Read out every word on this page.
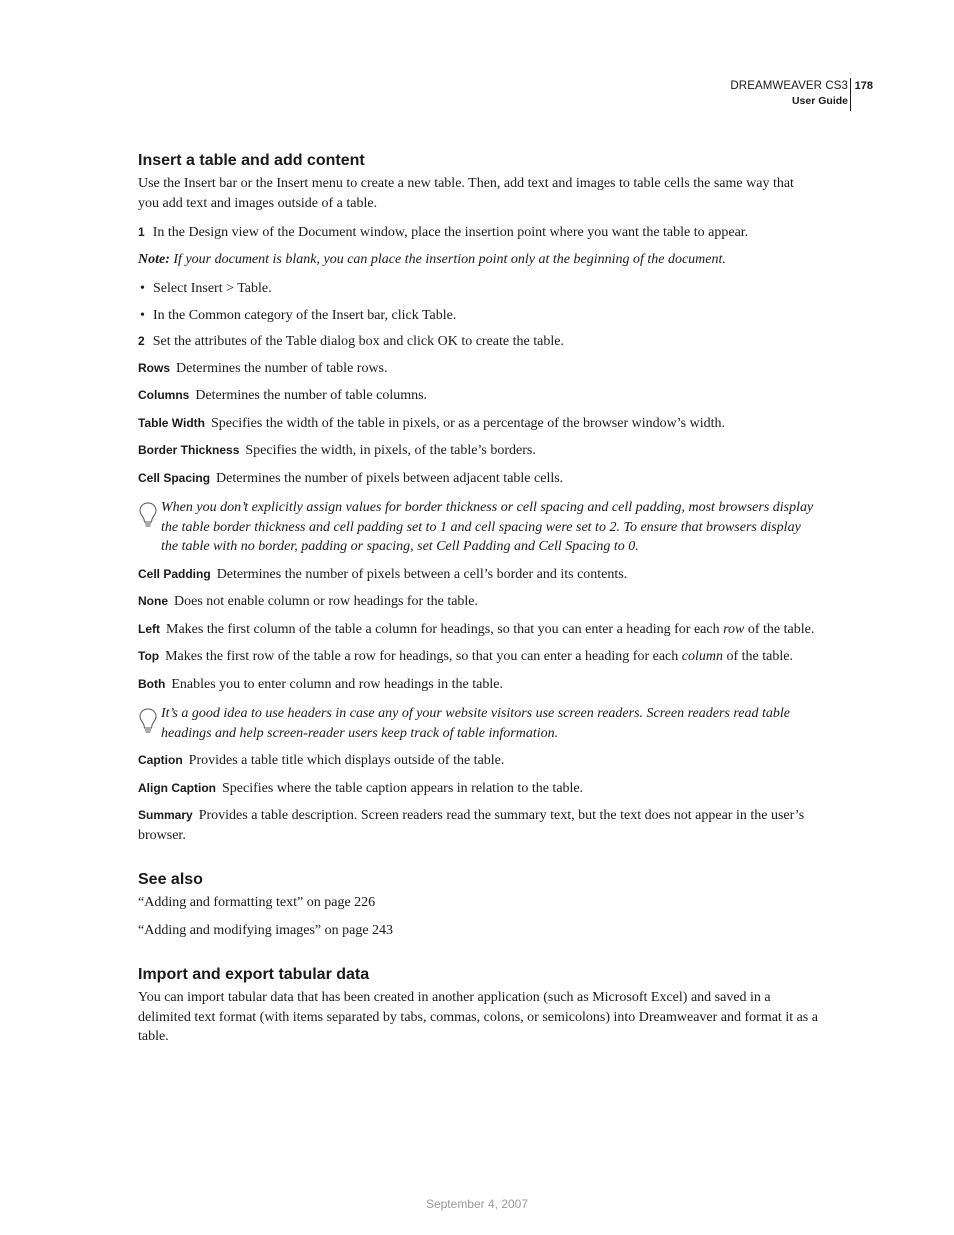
DREAMWEAVER CS3
User Guide
178
Insert a table and add content

Use the Insert bar or the Insert menu to create a new table. Then, add text and images to table cells the same way that you add text and images outside of a table.

1 In the Design view of the Document window, place the insertion point where you want the table to appear.

Note: If your document is blank, you can place the insertion point only at the beginning of the document.

• Select Insert > Table.

• In the Common category of the Insert bar, click Table.

2 Set the attributes of the Table dialog box and click OK to create the table.

Rows Determines the number of table rows.

Columns Determines the number of table columns.

Table Width Specifies the width of the table in pixels, or as a percentage of the browser window’s width.

Border Thickness Specifies the width, in pixels, of the table’s borders.

Cell Spacing Determines the number of pixels between adjacent table cells.

When you don’t explicitly assign values for border thickness or cell spacing and cell padding, most browsers display the table border thickness and cell padding set to 1 and cell spacing were set to 2. To ensure that browsers display the table with no border, padding or spacing, set Cell Padding and Cell Spacing to 0.

Cell Padding Determines the number of pixels between a cell’s border and its contents.

None Does not enable column or row headings for the table.

Left Makes the first column of the table a column for headings, so that you can enter a heading for each row of the table.

Top Makes the first row of the table a row for headings, so that you can enter a heading for each column of the table.

Both Enables you to enter column and row headings in the table.

It’s a good idea to use headers in case any of your website visitors use screen readers. Screen readers read table

headings and help screen-reader users keep track of table information.

Caption Provides a table title which displays outside of the table.

Align Caption Specifies where the table caption appears in relation to the table.

Summary Provides a table description. Screen readers read the summary text, but the text does not appear in the user’s browser.

See also

“Adding and formatting text” on page 226

“Adding and modifying images” on page 243

Import and export tabular data

You can import tabular data that has been created in another application (such as Microsoft Excel) and saved in a delimited text format (with items separated by tabs, commas, colons, or semicolons) into Dreamweaver and format it as a table.

September 4, 2007
